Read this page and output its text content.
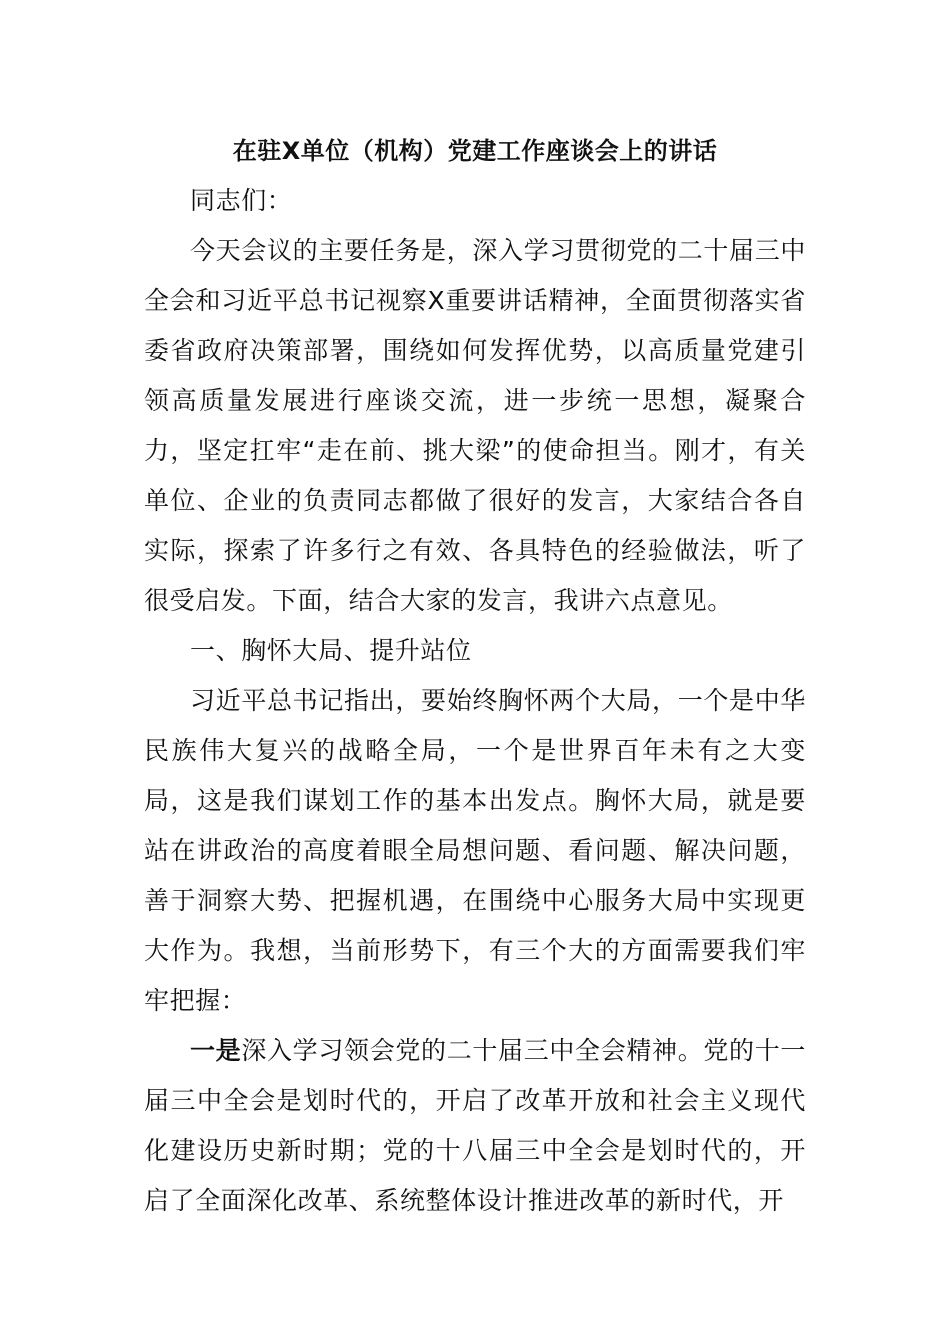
在驻X单位（机构）党建工作座谈会上的讲话

同志们：

今天会议的主要任务是，深入学习贯彻党的二十届三中全会和习近平总书记视察X重要讲话精神，全面贯彻落实省委省政府决策部署，围绕如何发挥优势，以高质量党建引领高质量发展进行座谈交流，进一步统一思想，凝聚合力，坚定扛牢“走在前、挑大梁”的使命担当。刚才，有关单位、企业的负责同志都做了很好的发言，大家结合各自实际，探索了许多行之有效、各具特色的经验做法，听了很受启发。下面，结合大家的发言，我讲六点意见。

一、胸怀大局、提升站位

习近平总书记指出，要始终胸怀两个大局，一个是中华民族伟大复兴的战略全局，一个是世界百年未有之大变局，这是我们谋划工作的基本出发点。胸怀大局，就是要站在讲政治的高度着眼全局想问题、看问题、解决问题，善于洞察大势、把握机遇，在围绕中心服务大局中实现更大作为。我想，当前形势下，有三个大的方面需要我们牢牢把握：

一是深入学习领会党的二十届三中全会精神。党的十一届三中全会是划时代的，开启了改革开放和社会主义现代化建设历史新时期；党的十八届三中全会是划时代的，开启了全面深化改革、系统整体设计推进改革的新时代，开
